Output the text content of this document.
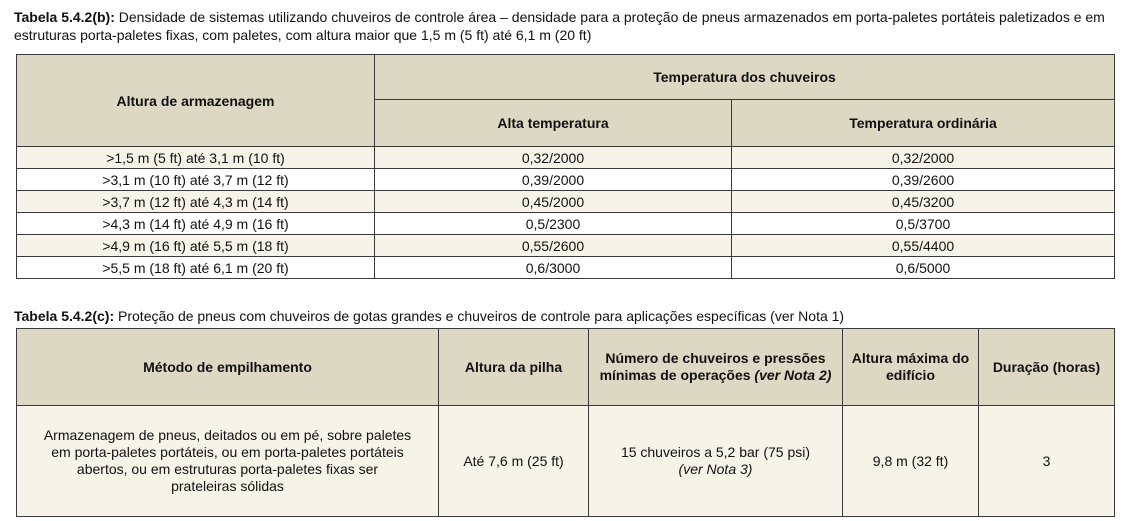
Tabela 5.4.2(b): Densidade de sistemas utilizando chuveiros de controle área – densidade para a proteção de pneus armazenados em porta-paletes portáteis paletizados e em estruturas porta-paletes fixas, com paletes, com altura maior que 1,5 m (5 ft) até 6,1 m (20 ft)
Altura de armazenagem	Temperatura dos chuveiros	
	Alta temperatura	Temperatura ordinária
>1,5 m (5 ft) até 3,1 m (10 ft)	0,32/2000	0,32/2000
>3,1 m (10 ft) até 3,7 m (12 ft)	0,39/2000	0,39/2600
>3,7 m (12 ft) até 4,3 m (14 ft)	0,45/2000	0,45/3200
>4,3 m (14 ft) até 4,9 m (16 ft)	0,5/2300	0,5/3700
>4,9 m (16 ft) até 5,5 m (18 ft)	0,55/2600	0,55/4400
>5,5 m (18 ft) até 6,1 m (20 ft)	0,6/3000	0,6/5000
Tabela 5.4.2(c): Proteção de pneus com chuveiros de gotas grandes e chuveiros de controle para aplicações específicas (ver Nota 1)
Método de empilhamento	Altura da pilha	Número de chuveiros e pressões mínimas de operações (ver Nota 2)	Altura máxima do edifício	Duração (horas)
Armazenagem de pneus, deitados ou em pé, sobre paletes em porta-paletes portáteis, ou em porta-paletes portáteis abertos, ou em estruturas porta-paletes fixas ser prateleiras sólidas	Até 7,6 m (25 ft)	15 chuveiros a 5,2 bar (75 psi) (ver Nota 3)	9,8 m (32 ft)	3
